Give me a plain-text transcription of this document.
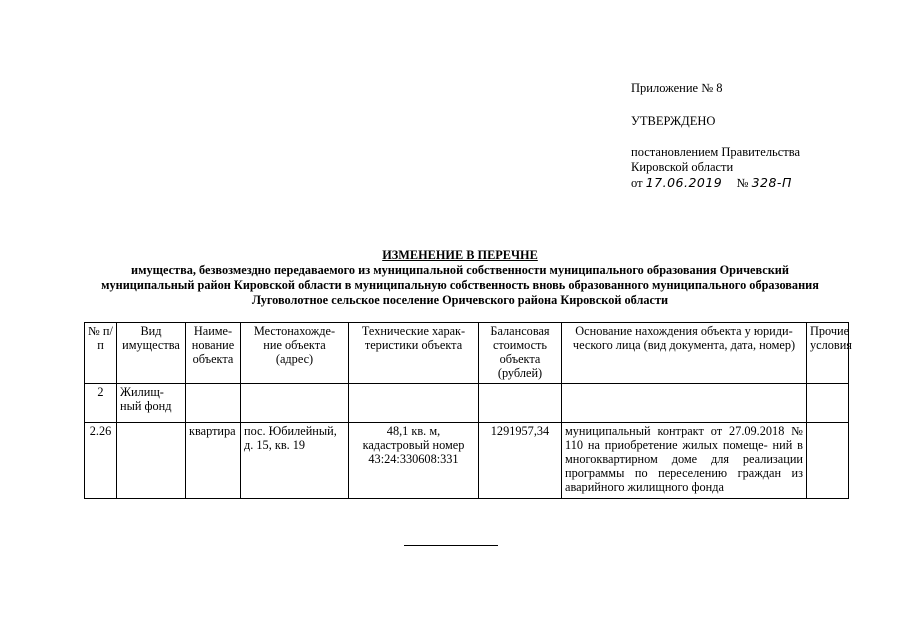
Приложение № 8
УТВЕРЖДЕНО
постановлением Правительства
Кировской области
от 17.06.2019 № 328-П
ИЗМЕНЕНИЕ В ПЕРЕЧНЕ
имущества, безвозмездно передаваемого из муниципальной собственности муниципального образования Оричевский
муниципальный район Кировской области в муниципальную собственность вновь образованного муниципального образования
Луговолотное сельское поселение Оричевского района Кировской области
№ п/п	Вид имущества	Наиме- нование объекта	Местонахожде- ние объекта (адрес)	Технические харак- теристики объекта	Балансовая стоимость объекта (рублей)	Основание нахождения объекта у юриди- ческого лица (вид документа, дата, номер)	Прочие условия
2	Жилищ- ный фонд						
2.26		квартира	пос. Юбилейный, д. 15, кв. 19	48,1 кв. м, кадастровый номер 43:24:330608:331	1291957,34	муниципальный контракт от 27.09.2018 № 110 на приобретение жилых помеще- ний в многоквартирном доме для реализации программы по переселению граждан из аварийного жилищного фонда	
